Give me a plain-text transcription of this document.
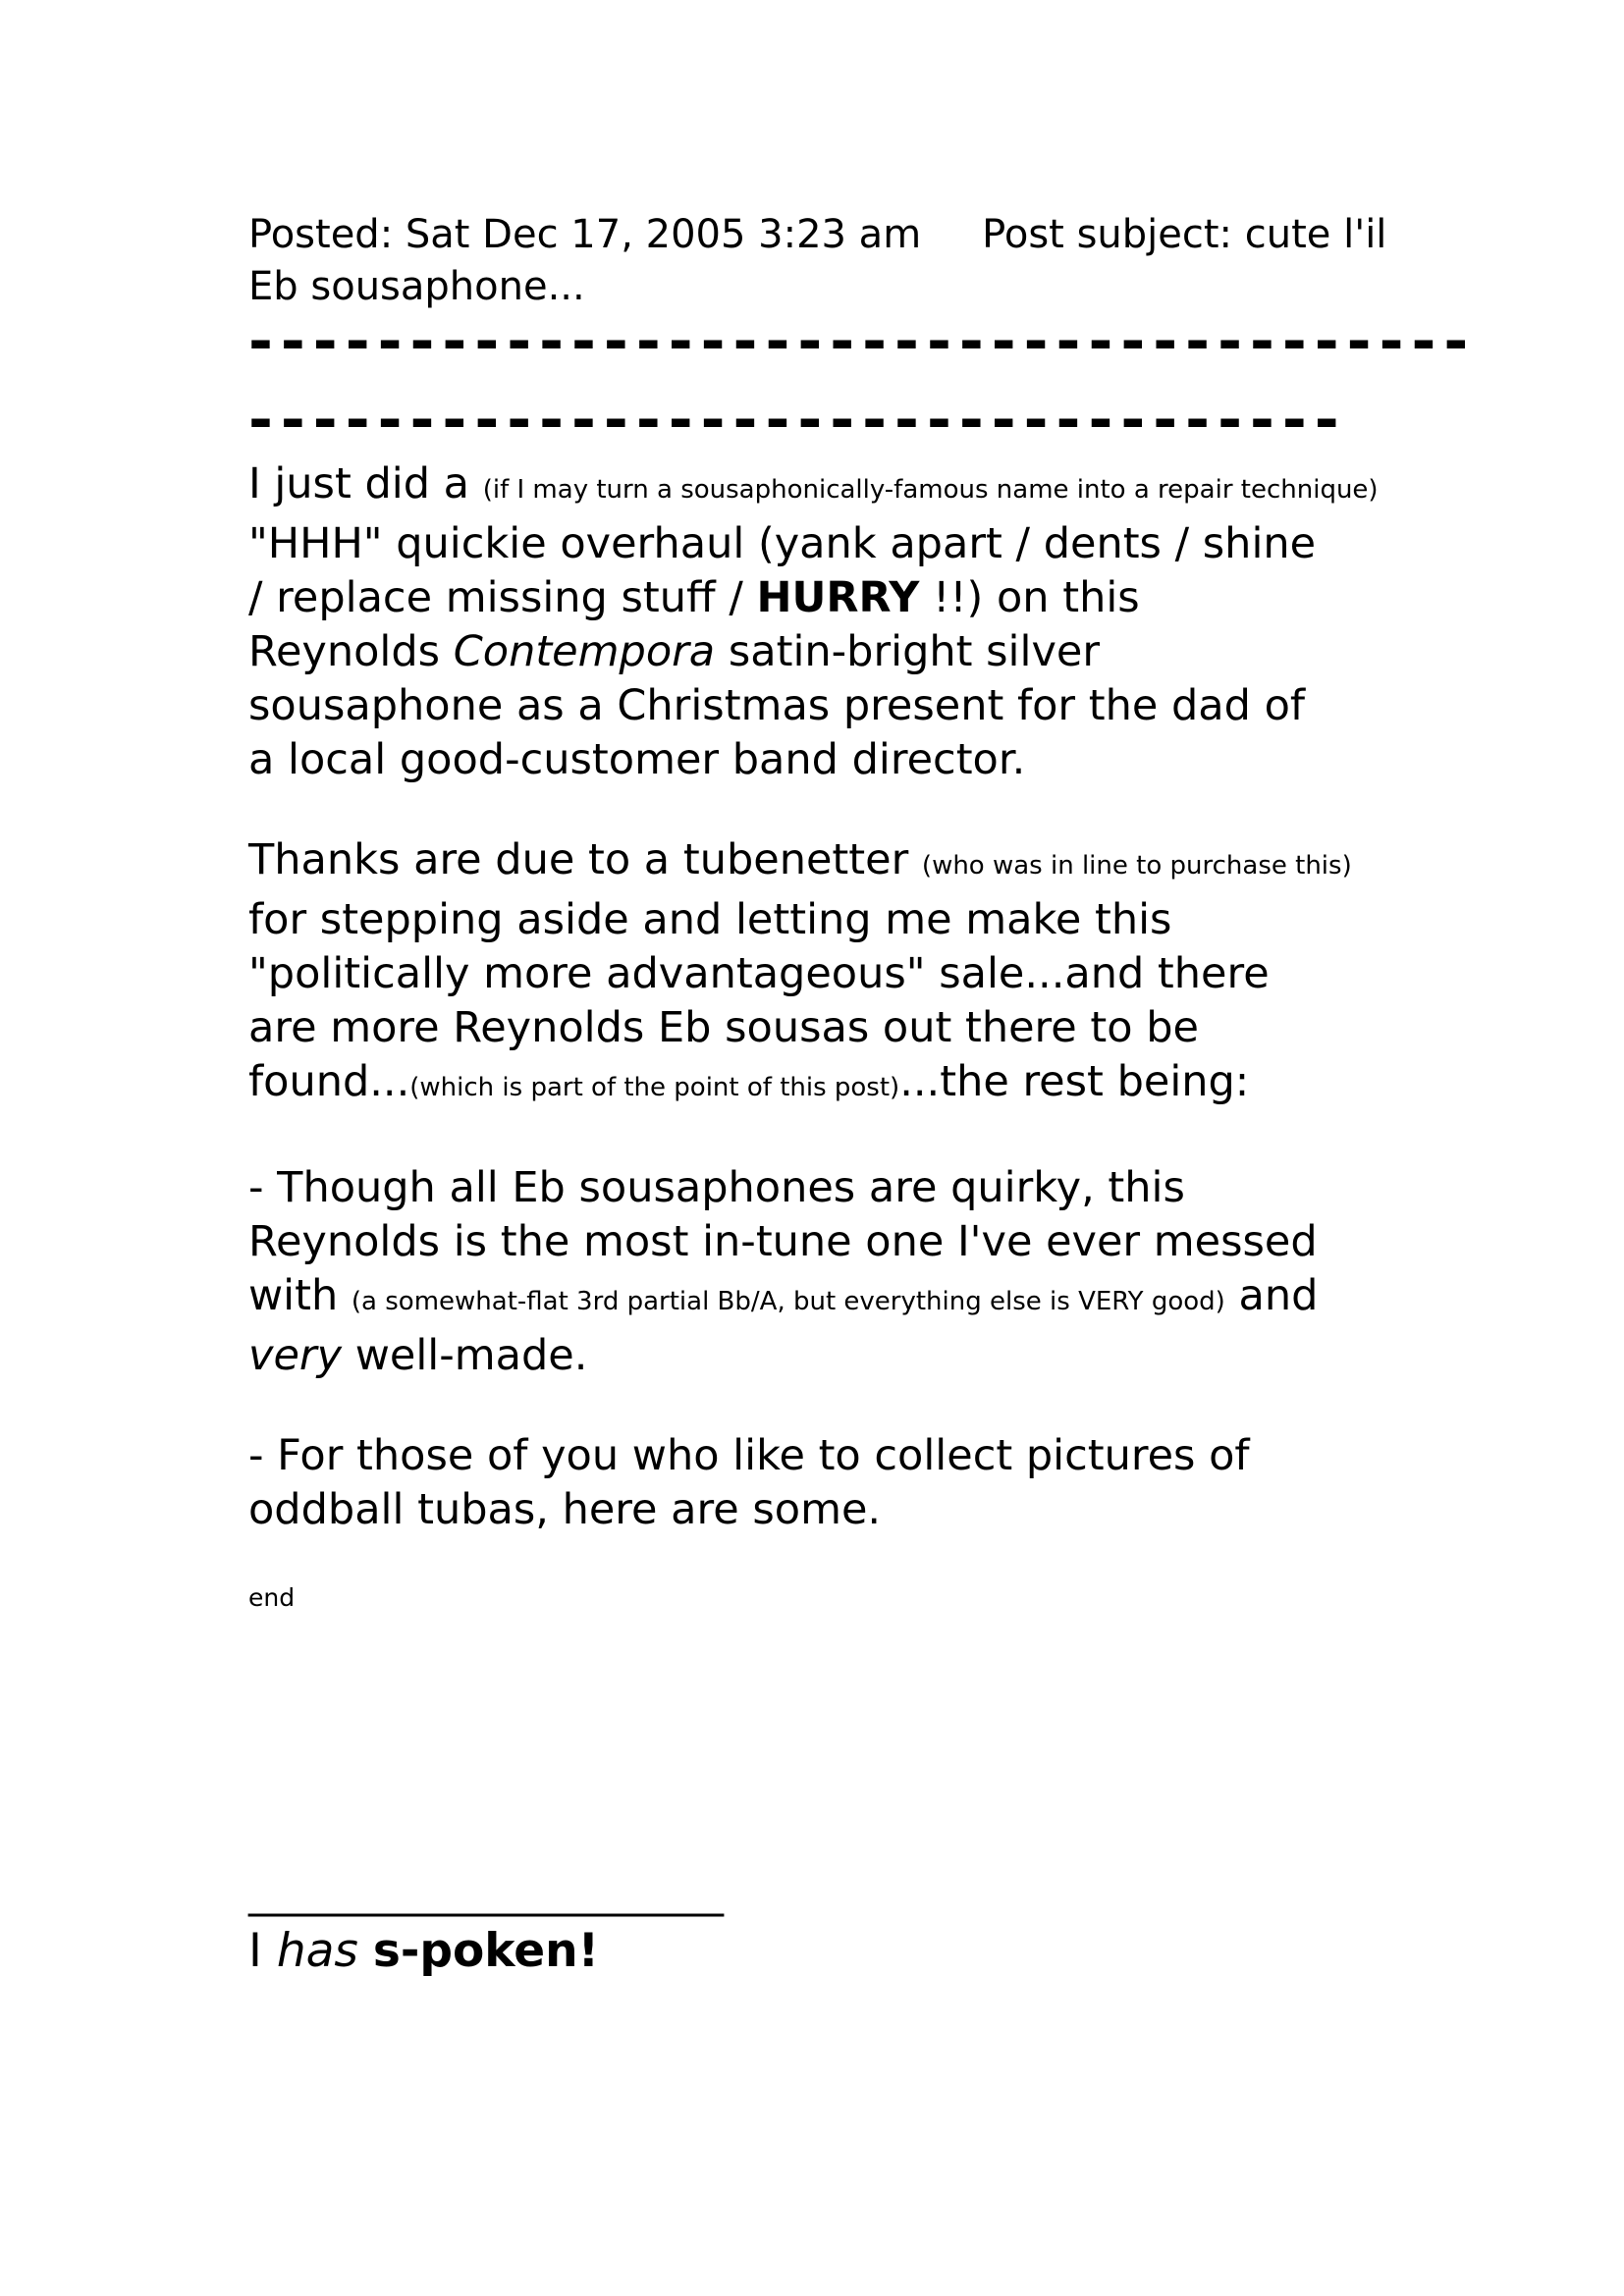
Posted: Sat Dec 17, 2005 3:23 am Post subject: cute l'il
Eb sousaphone...
--------------------------------------
----------------------------------
I just did a (if I may turn a sousaphonically-famous name into a repair technique)
"HHH" quickie overhaul (yank apart / dents / shine
/ replace missing stuff / HURRY !!) on this
Reynolds Contempora satin-bright silver
sousaphone as a Christmas present for the dad of
a local good-customer band director.
Thanks are due to a tubenetter (who was in line to purchase this)
for stepping aside and letting me make this
"politically more advantageous" sale...and there
are more Reynolds Eb sousas out there to be
found...(which is part of the point of this post)...the rest being:
- Though all Eb sousaphones are quirky, this
Reynolds is the most in-tune one I've ever messed
with (a somewhat-flat 3rd partial Bb/A, but everything else is VERY good) and
very well-made.
- For those of you who like to collect pictures of
oddball tubas, here are some.
end
______________________
I has s-poken!
